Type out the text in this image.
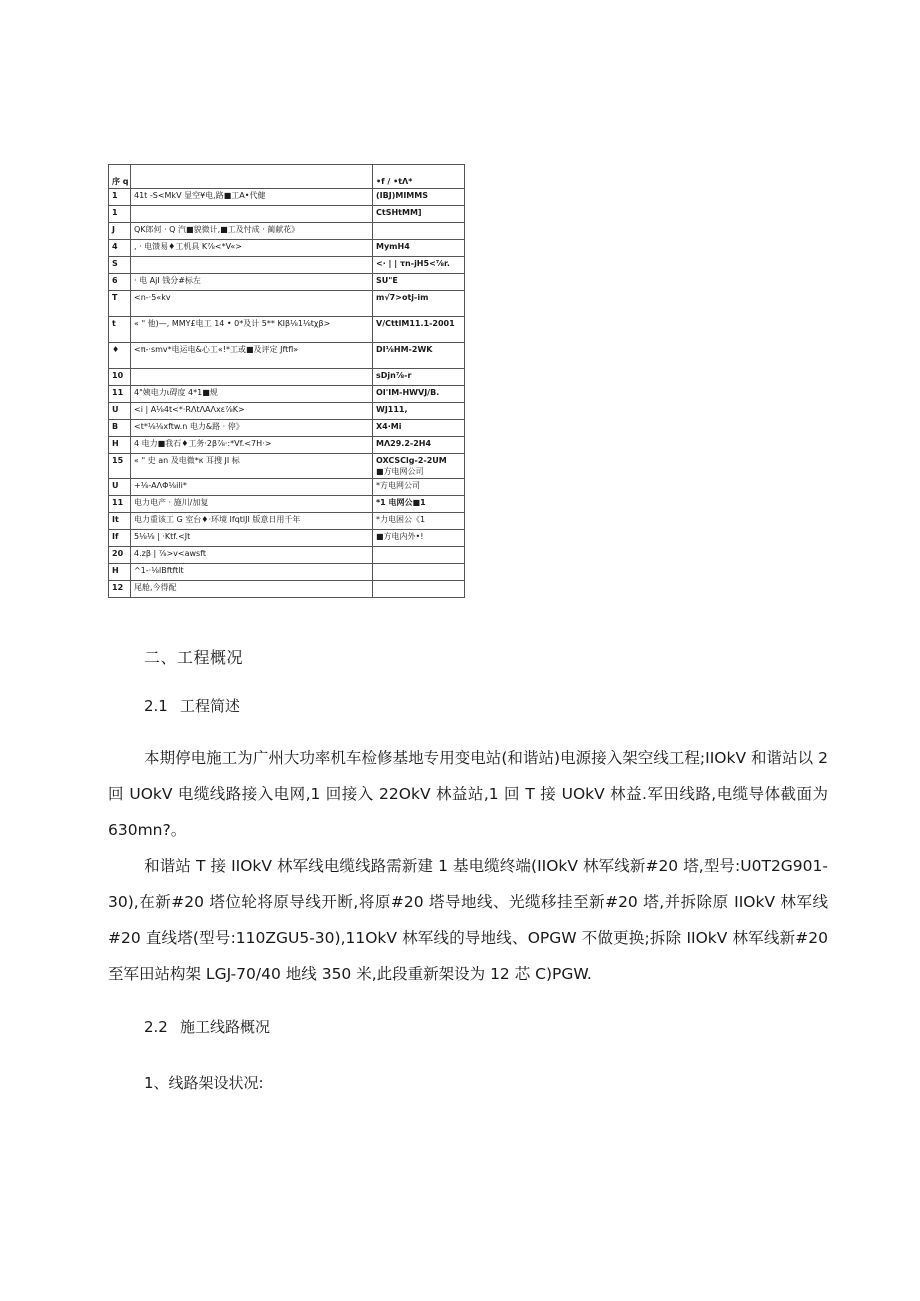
序 q		•f / •tΛ*
1	41t -S<MkV 显空¥电,路■工A•代健	(IBJ)MIMMS

1		CtSHtMM]

J	QK郎何 · Q 汽■貌微计,■工及忖成 · 蔺献花》	

4	, · 电馈易♦工机具 K⅞<*V«>	MymH4

S		<· | | τn-jH5<⅞r.

6	· 电 AjI 钱分#标左	SU"E

T	<n-·5«kv	m√7>otj-im

t	« " 他)—, MMY£电工 14 • 0*及计 5** KIβ⅛1⅛tχβ>	V/CttlM11.1-2001

♦	<π-·smv*电运电&心工«!*工或■及评定 Jftfl»	DI⅛HM-2WK

10		sDjn⅞-r

11	4"姨电力ι碍度 4*1■规	OI'IM-HWVJ/B.

U	<i | A⅛4t<*·RΛtΛAΛxε⅞K>	WJ111,

B	<t*⅛⅛xftw.n 电力&路 · 停》	X4·Mi

H	4 电力■我石♦工务·2β⅞·:*Vf.<7H·>	MΛ29.2-2H4

15	« " 史 an 及电微*κ 耳搜 JI 标	OXCSClg-2-2UM
■方电网公司

U	+⅛-AΛΦ⅛ili*	*方电网公司

11	电力电产 · 施川/加复	*1 电网公■1

It	电力重该工 G 室台♦·环境 IfqtlJI 版意日用千年	*力电困公《1

If	5⅛⅛ | ·Ktf.<Jt	■方电内外•!

20	4.zβ | ⅞>v<awsft	

H	^1-·⅛lBftftlt	

12	尾舱,今得配	
二、工程概况
2.1 工程简述
本期停电施工为广州大功率机车检修基地专用变电站(和谐站)电源接入架空线工程;IIOkV 和谐站以 2 回 UOkV 电缆线路接入电网,1 回接入 22OkV 林益站,1 回 T 接 UOkV 林益.军田线路,电缆导体截面为 630mn?。
和谐站 T 接 IIOkV 林军线电缆线路需新建 1 基电缆终端(IIOkV 林军线新#20 塔,型号:U0T2G901-30),在新#20 塔位轮将原导线开断,将原#20 塔导地线、光缆移挂至新#20 塔,并拆除原 IIOkV 林军线#20 直线塔(型号:110ZGU5-30),11OkV 林军线的导地线、OPGW 不做更换;拆除 IIOkV 林军线新#20 至军田站构架 LGJ-70/40 地线 350 米,此段重新架设为 12 芯 C)PGW.
2.2 施工线路概况
1、线路架设状况:
